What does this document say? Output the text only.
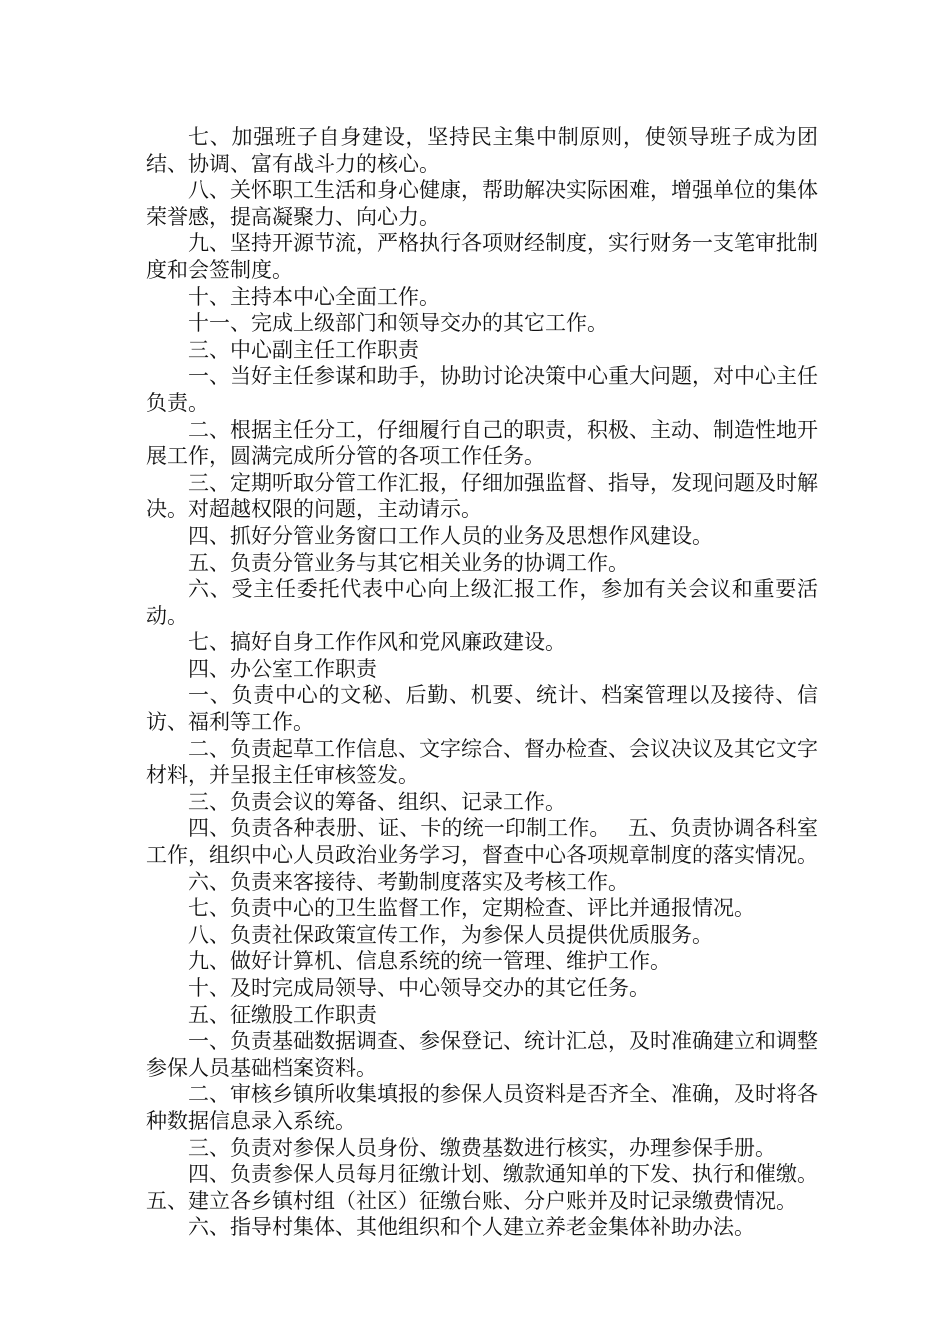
七、加强班子自身建设，坚持民主集中制原则，使领导班子成为团结、协调、富有战斗力的核心。

八、关怀职工生活和身心健康，帮助解决实际困难，增强单位的集体荣誉感，提高凝聚力、向心力。

九、坚持开源节流，严格执行各项财经制度，实行财务一支笔审批制度和会签制度。

十、主持本中心全面工作。

十一、完成上级部门和领导交办的其它工作。

三、中心副主任工作职责

一、当好主任参谋和助手，协助讨论决策中心重大问题，对中心主任负责。

二、根据主任分工，仔细履行自己的职责，积极、主动、制造性地开展工作，圆满完成所分管的各项工作任务。

三、定期听取分管工作汇报，仔细加强监督、指导，发现问题及时解决。对超越权限的问题，主动请示。

四、抓好分管业务窗口工作人员的业务及思想作风建设。

五、负责分管业务与其它相关业务的协调工作。

六、受主任委托代表中心向上级汇报工作，参加有关会议和重要活动。

七、搞好自身工作作风和党风廉政建设。

四、办公室工作职责

一、负责中心的文秘、后勤、机要、统计、档案管理以及接待、信访、福利等工作。

二、负责起草工作信息、文字综合、督办检查、会议决议及其它文字材料，并呈报主任审核签发。

三、负责会议的筹备、组织、记录工作。

四、负责各种表册、证、卡的统一印制工作。　 五、负责协调各科室工作，组织中心人员政治业务学习，督查中心各项规章制度的落实情况。

六、负责来客接待、考勤制度落实及考核工作。

七、负责中心的卫生监督工作，定期检查、评比并通报情况。

八、负责社保政策宣传工作，为参保人员提供优质服务。

九、做好计算机、信息系统的统一管理、维护工作。

十、及时完成局领导、中心领导交办的其它任务。

五、征缴股工作职责

一、负责基础数据调查、参保登记、统计汇总，及时准确建立和调整参保人员基础档案资料。

二、审核乡镇所收集填报的参保人员资料是否齐全、准确，及时将各种数据信息录入系统。

三、负责对参保人员身份、缴费基数进行核实，办理参保手册。

四、负责参保人员每月征缴计划、缴款通知单的下发、执行和催缴。 五、建立各乡镇村组（社区）征缴台账、分户账并及时记录缴费情况。

六、指导村集体、其他组织和个人建立养老金集体补助办法。
